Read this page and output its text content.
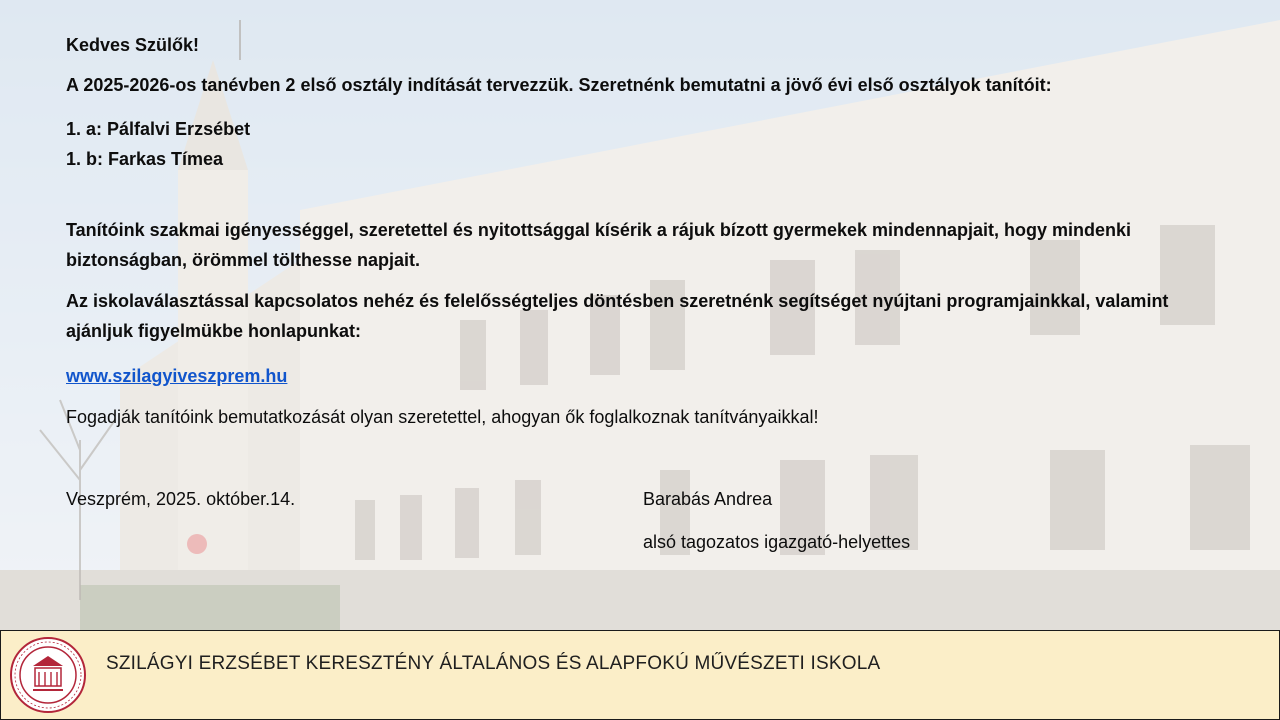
Kedves Szülők!

A 2025-2026-os tanévben 2 első osztály indítását tervezzük. Szeretnénk bemutatni a jövő évi első osztályok tanítóit:

1. a: Pálfalvi Erzsébet

1. b: Farkas Tímea

Tanítóink szakmai igényességgel, szeretettel és nyitottsággal kísérik a rájuk bízott gyermekek mindennapjait, hogy mindenki biztonságban, örömmel tölthesse napjait.

Az iskolaválasztással kapcsolatos nehéz és felelősségteljes döntésben szeretnénk segítséget nyújtani programjainkkal, valamint ajánljuk figyelmükbe honlapunkat:

www.szilagyiveszprem.hu

Fogadják tanítóink bemutatkozását olyan szeretettel, ahogyan ők foglalkoznak tanítványaikkal!

Veszprém, 2025. október.14.	Barabás Andrea

alsó tagozatos igazgató-helyettes

SZILÁGYI ERZSÉBET KERESZTÉNY ÁLTALÁNOS ÉS ALAPFOKÚ MŰVÉSZETI ISKOLA
